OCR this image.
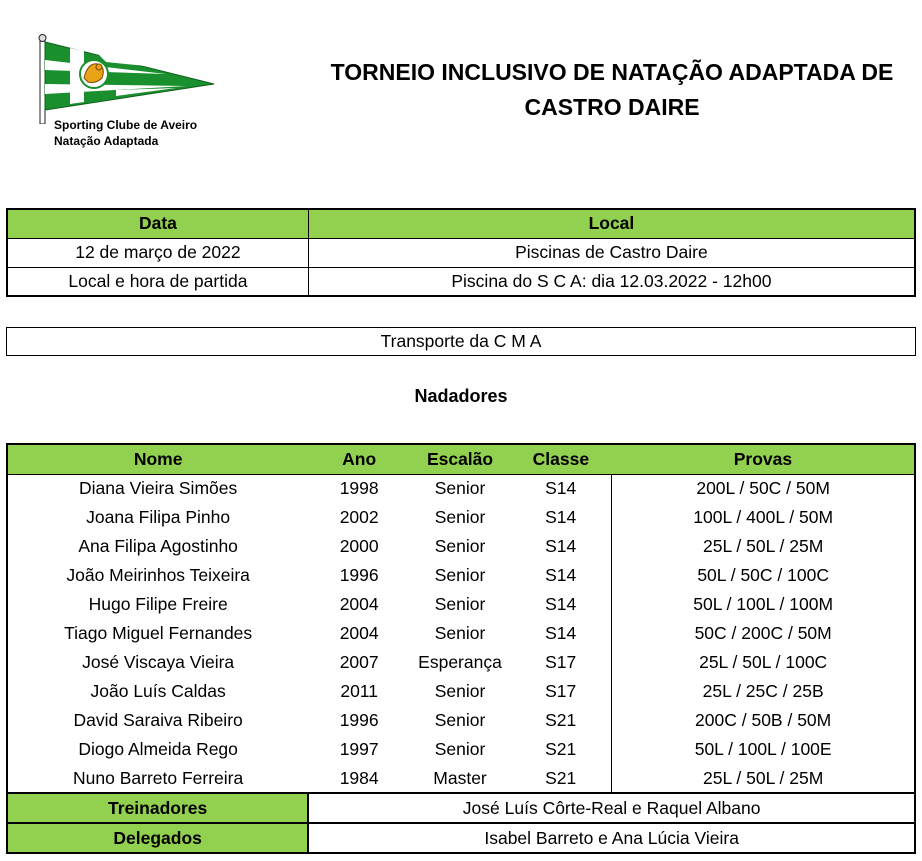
Sporting Clube de Aveiro
Natação Adaptada
TORNEIO INCLUSIVO DE NATAÇÃO ADAPTADA DE
CASTRO DAIRE
Data	Local
12 de março de 2022	Piscinas de Castro Daire
Local e hora de partida	Piscina do S C A: dia 12.03.2022 - 12h00
Transporte da C M A
Nadadores
Nome	Ano	Escalão	Classe	Provas
Diana Vieira Simões	1998	Senior	S14	200L / 50C / 50M
Joana Filipa Pinho	2002	Senior	S14	100L / 400L / 50M
Ana Filipa Agostinho	2000	Senior	S14	25L / 50L / 25M
João Meirinhos Teixeira	1996	Senior	S14	50L / 50C / 100C
Hugo Filipe Freire	2004	Senior	S14	50L / 100L / 100M
Tiago Miguel Fernandes	2004	Senior	S14	50C / 200C / 50M
José Viscaya Vieira	2007	Esperança	S17	25L / 50L / 100C
João Luís Caldas	2011	Senior	S17	25L / 25C / 25B
David Saraiva Ribeiro	1996	Senior	S21	200C / 50B / 50M
Diogo Almeida Rego	1997	Senior	S21	50L / 100L / 100E
Nuno Barreto Ferreira	1984	Master	S21	25L / 50L / 25M
Treinadores	José Luís Côrte-Real e Raquel Albano			
Delegados	Isabel Barreto e Ana Lúcia Vieira			
